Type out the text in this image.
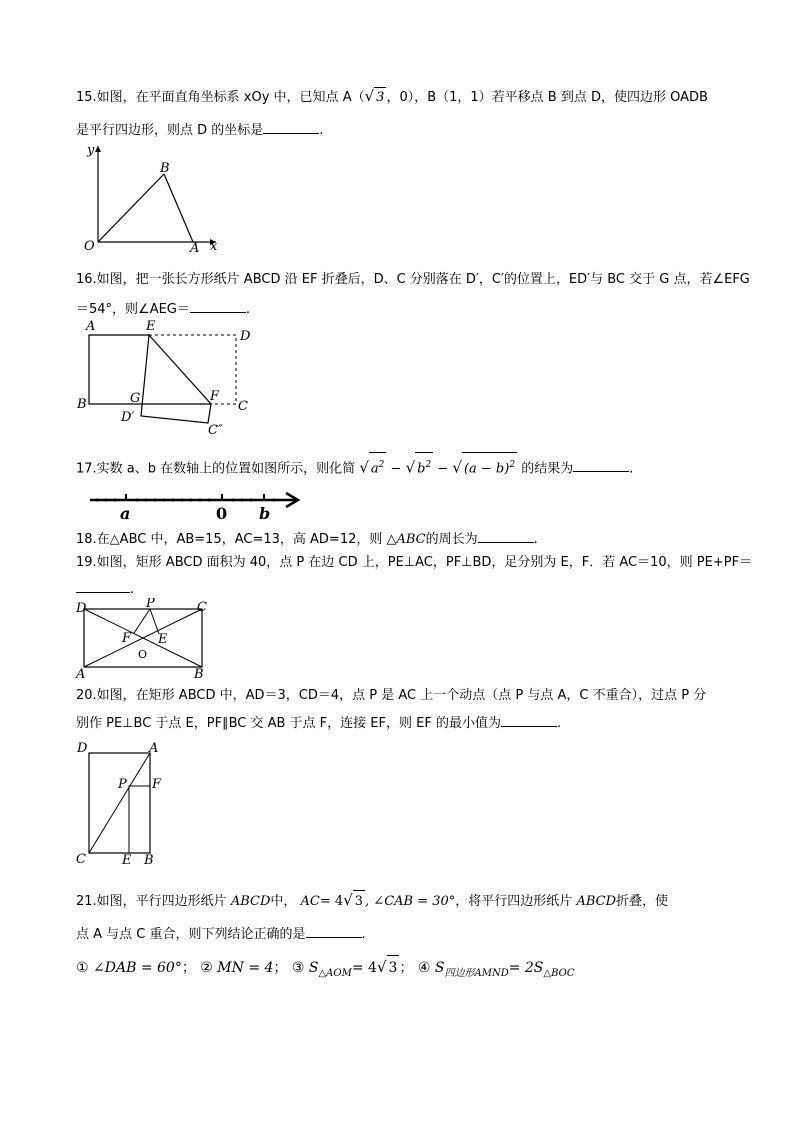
15.如图，在平面直角坐标系 xOy 中，已知点 A（√ 3 ，0），B（1，1）若平移点 B 到点 D，使四边形 OADB
是平行四边形，则点 D 的坐标是	.
y
x
O	A
B
16.如图，把一张长方形纸片 ABCD 沿 EF 折叠后，D、C 分别落在 D′，C′的位置上，ED′与 BC 交于 G 点，若∠EFG
＝54°，则∠AEG＝	.
A	E
D
B	G	F
C
D′
C″
17.实数 a、b 在数轴上的位置如图所示，则化简 √ $a^2$ − √ $b^2$ − √ $(a - b)^2$ 的结果为	.
a	0 b
18.在△ABC 中，AB=15，AC=13，高 AD=12，则 △ABC的周长为	.
19.如图，矩形 ABCD 面积为 40，点 P 在边 CD 上，PE⊥AC，PF⊥BD，足分别为 E，F．若 AC＝10，则 PE+PF＝
.
D	P	C
F E
O
A	B
20.如图，在矩形 ABCD 中，AD＝3，CD＝4，点 P 是 AC 上一个动点（点 P 与点 A，C 不重合），过点 P 分
别作 PE⊥BC 于点 E，PF∥BC 交 AB 于点 F，连接 EF，则 EF 的最小值为	.
D	A
P F
C	E B
21.如图，平行四边形纸片 ABCD中， AC= 4√ 3 , ∠CAB = 30°，将平行四边形纸片 ABCD折叠，使
点 A 与点 C 重合，则下列结论正确的是	.
① ∠DAB = 60°； ② MN = 4； ③ $S_{\triangle AOM}= 4√$ 3 ； ④ $S_{四边形AMND}= 2S_{\triangle BOC}$
